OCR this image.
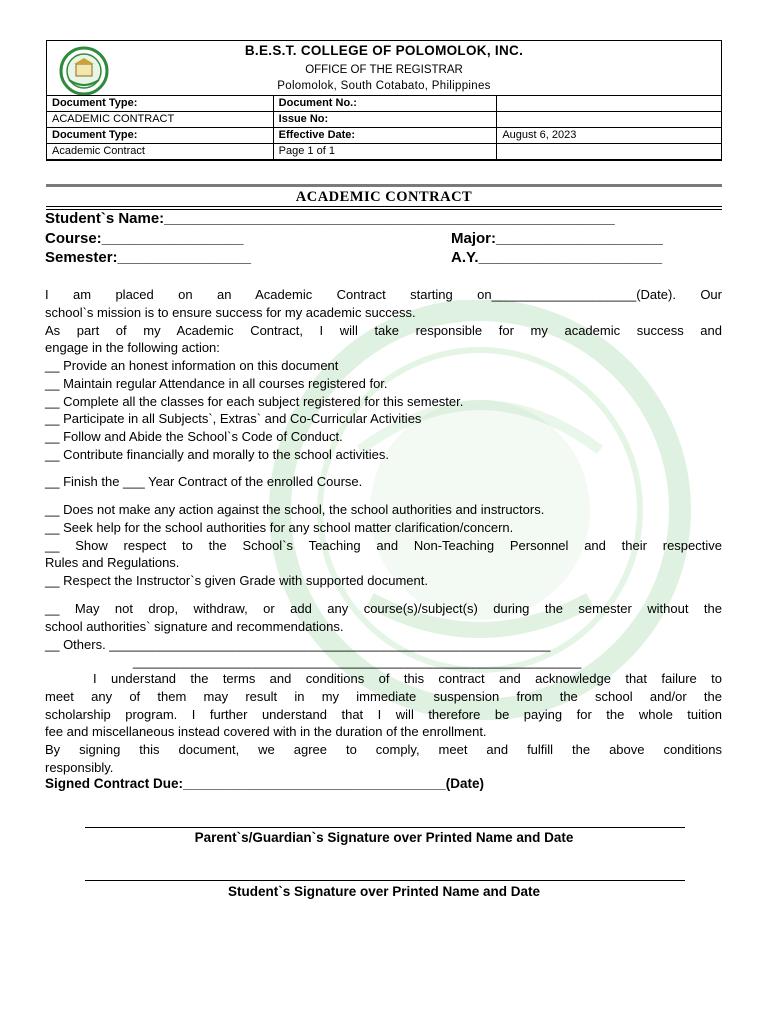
B.E.S.T. COLLEGE OF POLOMOLOK, INC.
OFFICE OF THE REGISTRAR
Polomolok, South Cotabato, Philippines
Document Type:	Document No.:	
ACADEMIC CONTRACT	Issue No:	
Document Type:	Effective Date:	August 6, 2023
Academic Contract	Page 1 of 1	
ACADEMIC CONTRACT
Student`s Name:______________________________________________________
Course:_________________	Major:____________________
Semester:________________	A.Y.______________________
I am placed on an Academic Contract starting on____________________(Date). Our
school`s mission is to ensure success for my academic success.
As part of my Academic Contract, I will take responsible for my academic success and
engage in the following action:
__ Provide an honest information on this document
__ Maintain regular Attendance in all courses registered for.
__ Complete all the classes for each subject registered for this semester.
__ Participate in all Subjects`, Extras` and Co-Curricular Activities
__ Follow and Abide the School`s Code of Conduct.
__ Contribute financially and morally to the school activities.
__ Finish the ___ Year Contract of the enrolled Course.
__ Does not make any action against the school, the school authorities and instructors.
__ Seek help for the school authorities for any school matter clarification/concern.
__ Show respect to the School`s Teaching and Non-Teaching Personnel and their respective
Rules and Regulations.
__ Respect the Instructor`s given Grade with supported document.
__ May not drop, withdraw, or add any course(s)/subject(s) during the semester without the
school authorities` signature and recommendations.
__ Others. _____________________________________________________________
______________________________________________________________
I understand the terms and conditions of this contract and acknowledge that failure to
meet any of them may result in my immediate suspension from the school and/or the
scholarship program. I further understand that I will therefore be paying for the whole tuition
fee and miscellaneous instead covered with in the duration of the enrollment.
By signing this document, we agree to comply, meet and fulfill the above conditions
responsibly.
Signed Contract Due:___________________________________(Date)
Parent`s/Guardian`s Signature over Printed Name and Date
Student`s Signature over Printed Name and Date
